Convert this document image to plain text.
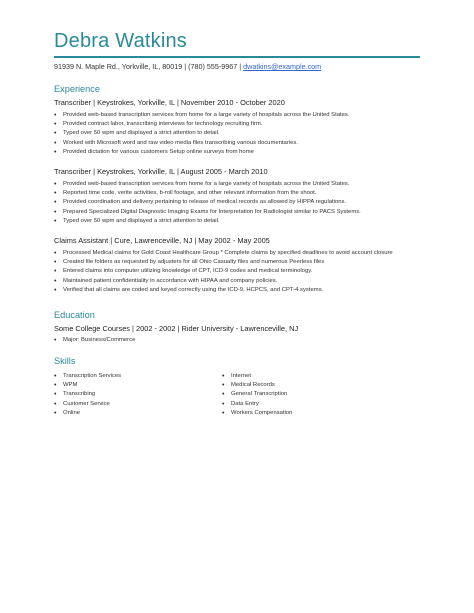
Debra Watkins
91939 N. Maple Rd., Yorkville, IL, 80019 | (780) 555-9967 | dwatkins@example.com
Experience
Transcriber | Keystrokes, Yorkville, IL | November 2010 - October 2020
• Provided web-based transcription services from home for a large variety of hospitals across the United States.
• Provided contract labor, transcribing interviews for technology recruiting firm.
• Typed over 50 wpm and displayed a strict attention to detail.
• Worked with Microsoft word and raw video media files transcribing various documentaries.
• Provided dictation for various customers Setup online surveys from home
Transcriber | Keystrokes, Yorkville, IL | August 2005 - March 2010
• Provided web-based transcription services from home for a large variety of hospitals across the United States.
• Reported time code, verite activities, b-roll footage, and other relevant information from the shoot.
• Provided coordination and delivery pertaining to release of medical records as allowed by HIPPA regulations.
• Prepared Specialized Digital Diagnostic Imaging Exams for Interpretation for Radiologist similar to PACS Systems.
• Typed over 50 wpm and displayed a strict attention to detail.
Claims Assistant | Cure, Lawrenceville, NJ | May 2002 - May 2005
• Processed Medical claims for Gold Coast Healthcare Group * Complete claims by specified deadlines to avoid account closure
• Created file folders as requested by adjusters for all Ohio Casualty files and numerous Peerless files
• Entered claims into computer utilizing knowledge of CPT, ICD-9 codes and medical terminology.
• Maintained patient confidentiality in accordance with HIPAA and company policies.
• Verified that all claims are coded and keyed correctly using the ICD-9, HCPCS, and CPT-4 systems.
Education
Some College Courses | 2002 - 2002 | Rider University - Lawrenceville, NJ
• Major: Business/Commerce
Skills
• Transcription Services
• WPM
• Transcribing
• Customer Service
• Online
• Internet
• Medical Records
• General Transcription
• Data Entry
• Workers Compensation
